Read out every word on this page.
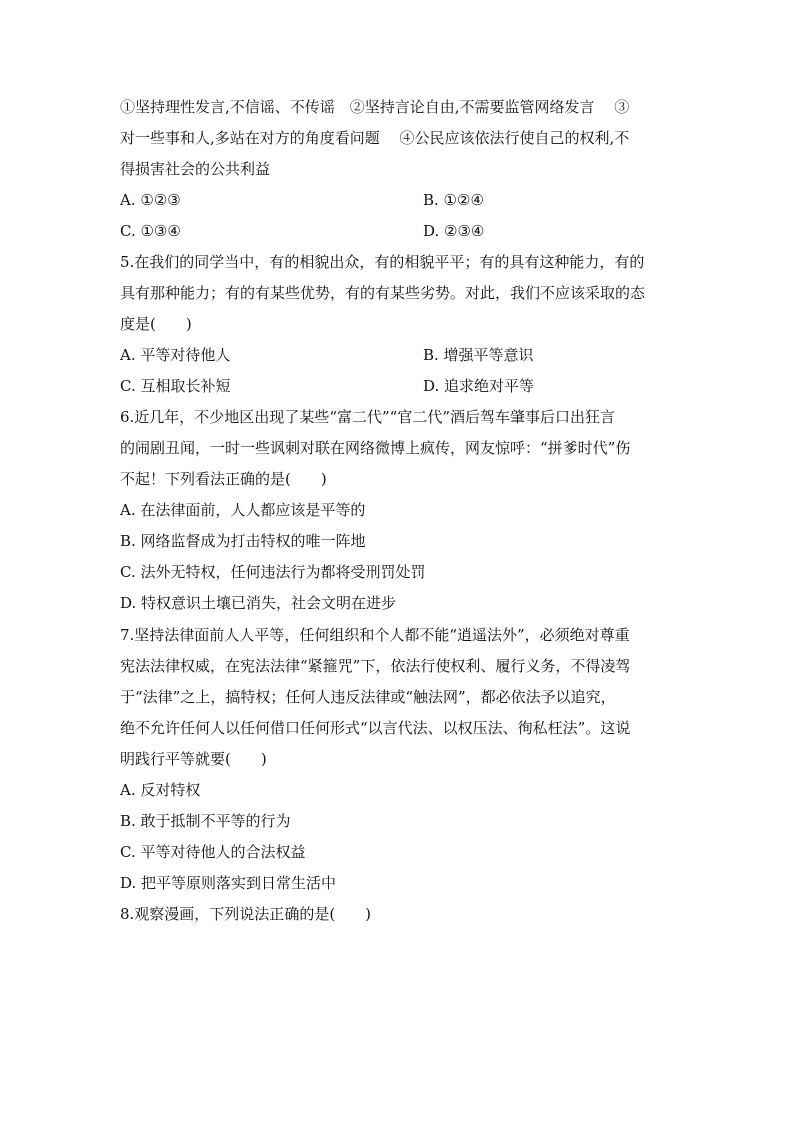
①坚持理性发言,不信谣、不传谣　②坚持言论自由,不需要监管网络发言　 ③
对一些事和人,多站在对方的角度看问题　 ④公民应该依法行使自己的权利,不
得损害社会的公共利益
A. ①②③	B. ①②④
C. ①③④	D. ②③④
5.在我们的同学当中，有的相貌出众，有的相貌平平；有的具有这种能力，有的
具有那种能力；有的有某些优势，有的有某些劣势。对此，我们不应该采取的态
度是(　　)
A. 平等对待他人	B. 增强平等意识
C. 互相取长补短	D. 追求绝对平等
6.近几年，不少地区出现了某些“富二代”“官二代”酒后驾车肇事后口出狂言
的闹剧丑闻，一时一些讽刺对联在网络微博上疯传，网友惊呼：“拼爹时代”伤
不起！下列看法正确的是(　　)
A. 在法律面前，人人都应该是平等的
B. 网络监督成为打击特权的唯一阵地
C. 法外无特权，任何违法行为都将受刑罚处罚
D. 特权意识土壤已消失，社会文明在进步
7.坚持法律面前人人平等，任何组织和个人都不能“逍遥法外”，必须绝对尊重
宪法法律权威，在宪法法律“紧箍咒”下，依法行使权利、履行义务，不得凌驾
于“法律”之上，搞特权；任何人违反法律或“触法网”，都必依法予以追究，
绝不允许任何人以任何借口任何形式“以言代法、以权压法、徇私枉法”。这说
明践行平等就要(　　)
A. 反对特权
B. 敢于抵制不平等的行为
C. 平等对待他人的合法权益
D. 把平等原则落实到日常生活中
8.观察漫画，下列说法正确的是(　　)
